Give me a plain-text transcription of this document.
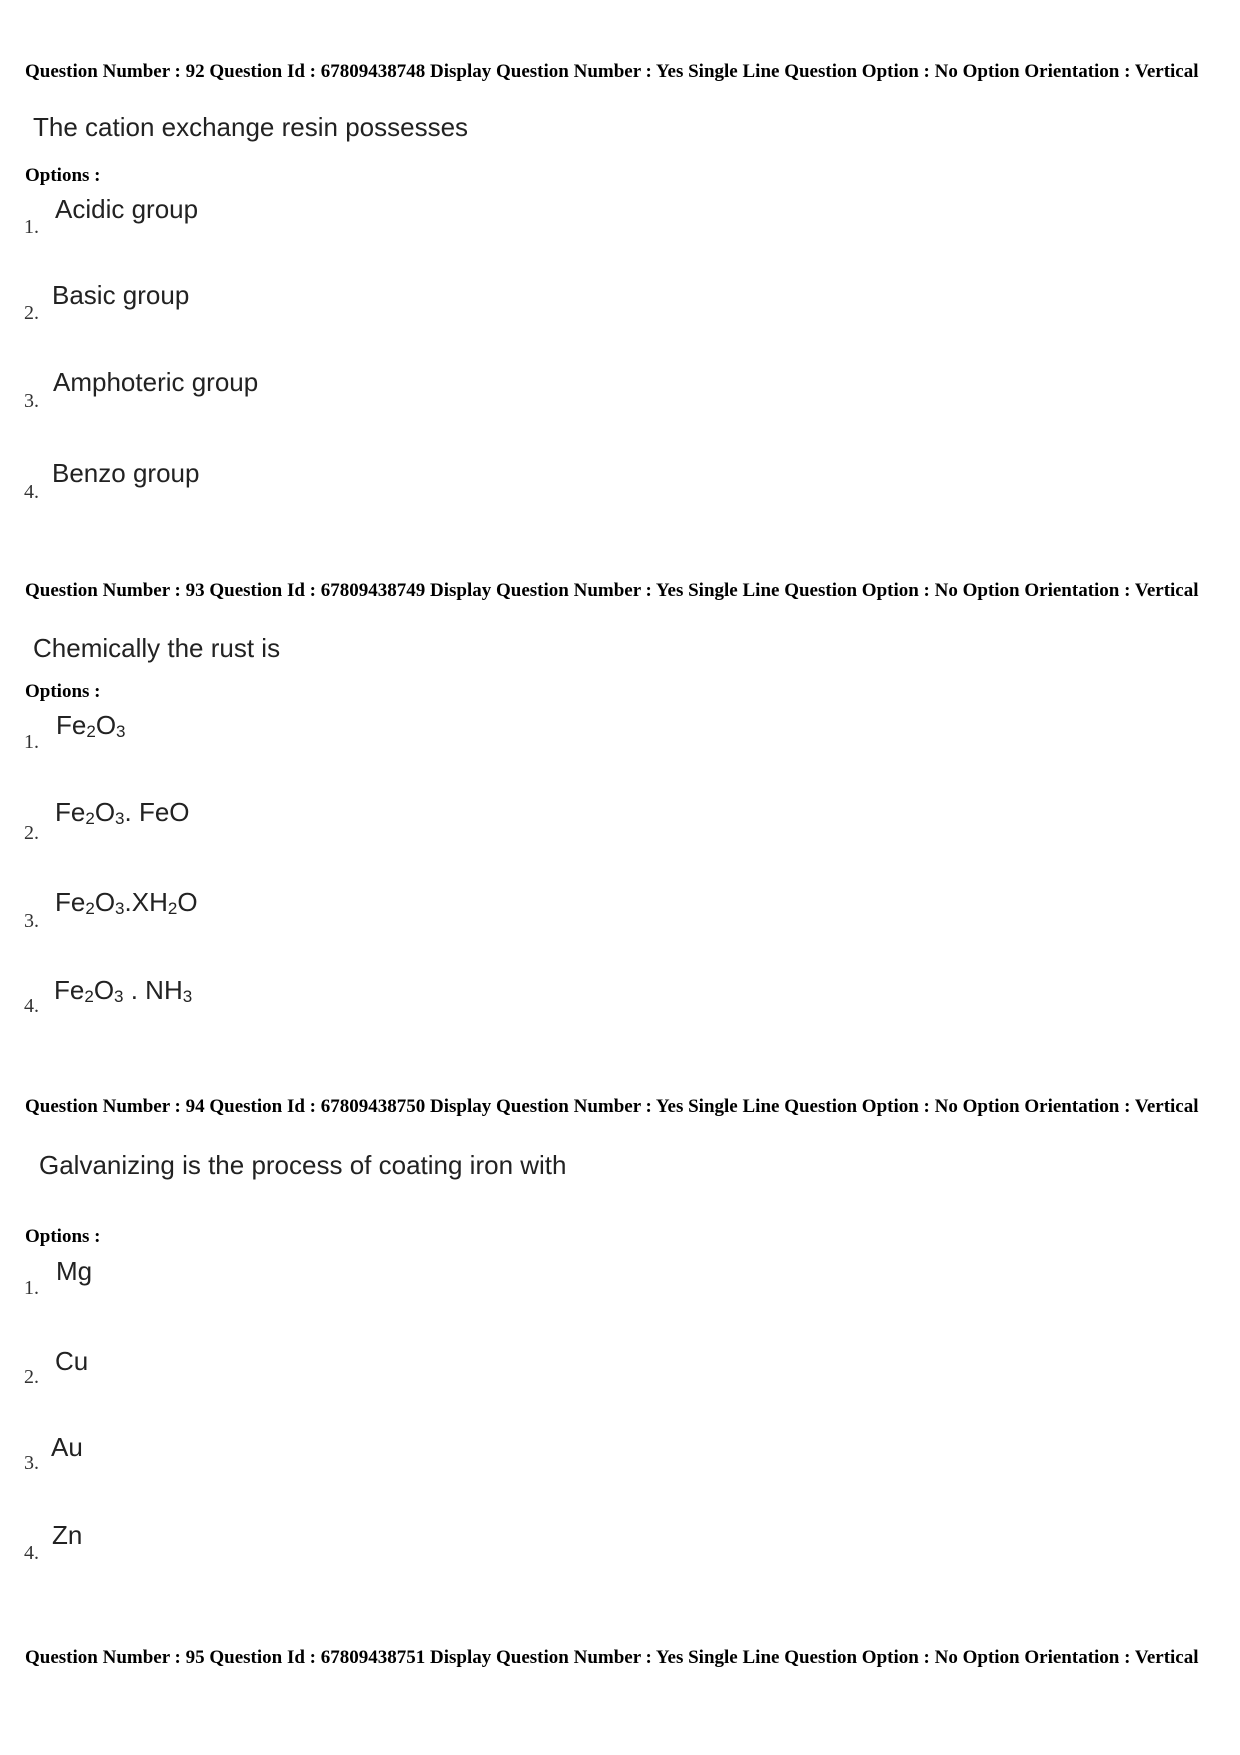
Question Number : 92 Question Id : 67809438748 Display Question Number : Yes Single Line Question Option : No Option Orientation : Vertical
The cation exchange resin possesses
Options :
1.
Acidic group
2.
Basic group
3.
Amphoteric group
4.
Benzo group
Question Number : 93 Question Id : 67809438749 Display Question Number : Yes Single Line Question Option : No Option Orientation : Vertical
Chemically the rust is
Options :
1.
$Fe_2O_3$
2.
$Fe_2O_3$. FeO
3.
$Fe_2O_3.XH_2O$
4.
$Fe_2O_3$ . $NH_3$
Question Number : 94 Question Id : 67809438750 Display Question Number : Yes Single Line Question Option : No Option Orientation : Vertical
Galvanizing is the process of coating iron with
Options :
1.
Mg
2.
Cu
3.
Au
4.
Zn
Question Number : 95 Question Id : 67809438751 Display Question Number : Yes Single Line Question Option : No Option Orientation : Vertical
